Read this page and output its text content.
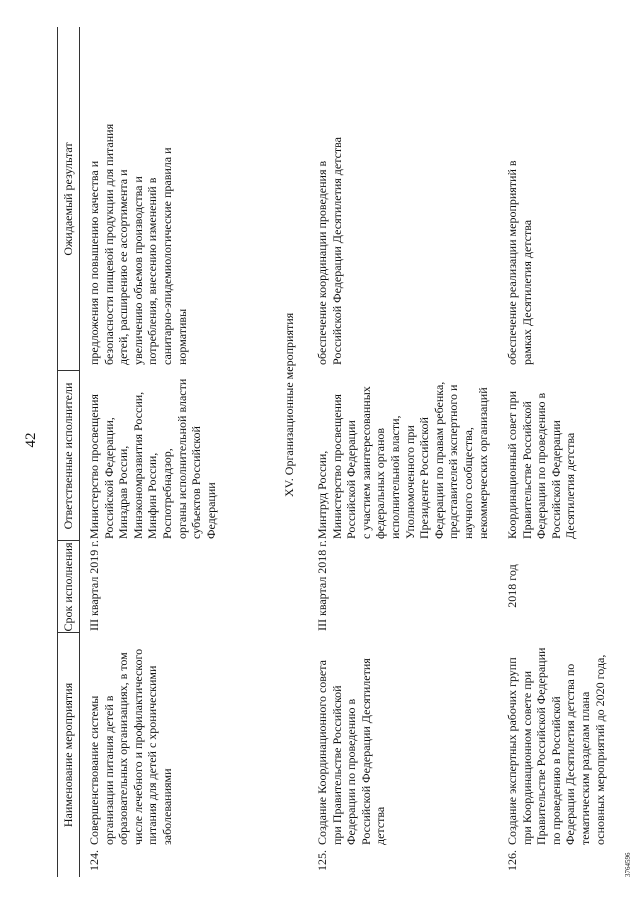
42
Наименование мероприятия
Срок исполнения
Ответственные исполнители
Ожидаемый результат
124.
Совершенствование системы организации питания детей в образовательных организациях, в том числе лечебного и профилактического питания для детей с хроническими заболеваниями
III квартал 2019 г.
Министерство просвещения Российской Федерации, Минздрав России, Минэкономразвития России, Минфин России, Роспотребнадзор, органы исполнительной власти субъектов Российской Федерации
предложения по повышению качества и безопасности пищевой продукции для питания детей, расширению ее ассортимента и увеличению объемов производства и потребления, внесению изменений в санитарно-эпидемиологические правила и нормативы	XV. Организационные мероприятия
125.
Создание Координационного совета при Правительстве Российской Федерации по проведению в Российской Федерации Десятилетия детства
III квартал 2018 г.
Минтруд России, Министерство просвещения Российской Федерации с участием заинтересованных федеральных органов исполнительной власти, Уполномоченного при Президенте Российской Федерации по правам ребенка, представителей экспертного и научного сообщества, некоммерческих организаций
обеспечение координации проведения в Российской Федерации Десятилетия детства
126.
Создание экспертных рабочих групп при Координационном совете при Правительстве Российской Федерации по проведению в Российской Федерации Десятилетия детства по тематическим разделам плана основных мероприятий до 2020 года,
2018 год
Координационный совет при Правительстве Российской Федерации по проведению в Российской Федерации Десятилетия детства
обеспечение реализации мероприятий в рамках Десятилетия детства
3764596
